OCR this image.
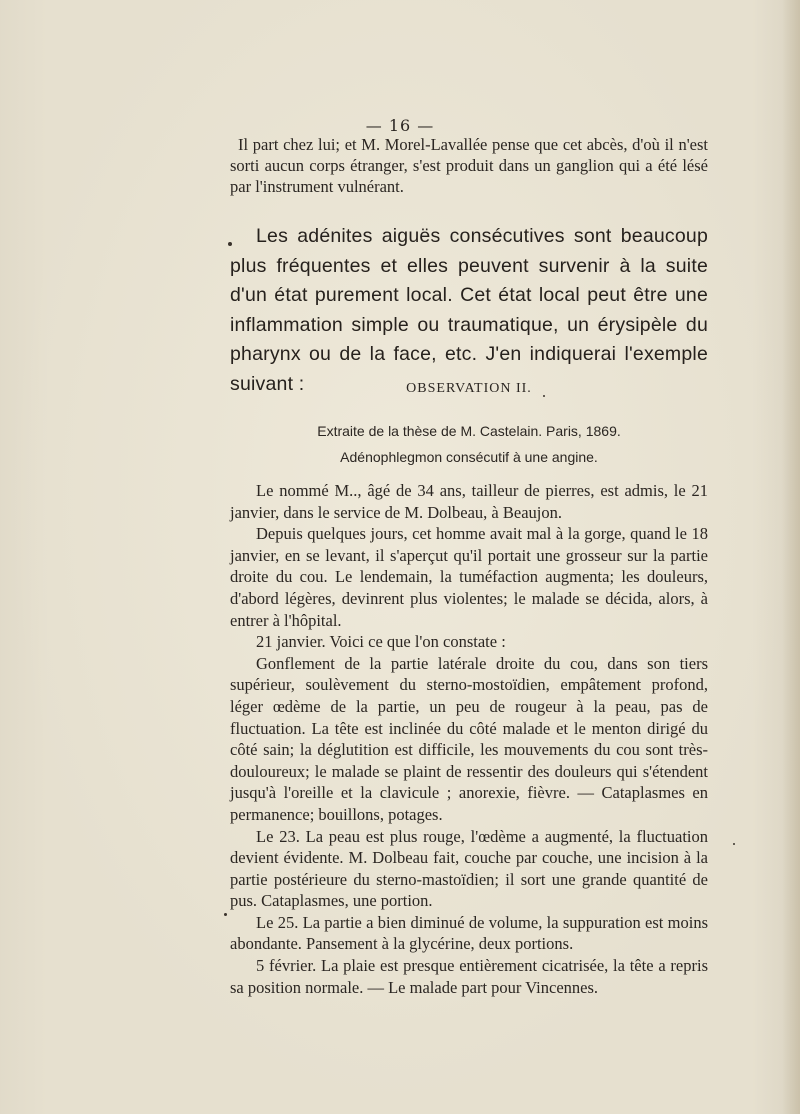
— 16 —

Il part chez lui; et M. Morel-Lavallée pense que cet abcès, d'où il n'est sorti aucun corps étranger, s'est produit dans un ganglion qui a été lésé par l'instrument vulnérant.

Les adénites aiguës consécutives sont beaucoup plus fréquentes et elles peuvent survenir à la suite d'un état purement local. Cet état local peut être une inflammation simple ou traumatique, un érysipèle du pharynx ou de la face, etc. J'en indiquerai l'exemple suivant :	OBSERVATION II.
Extraite de la thèse de M. Castelain. Paris, 1869.
Adénophlegmon consécutif à une angine.

Le nommé M.., âgé de 34 ans, tailleur de pierres, est admis, le 21 janvier, dans le service de M. Dolbeau, à Beaujon.

Depuis quelques jours, cet homme avait mal à la gorge, quand le 18 janvier, en se levant, il s'aperçut qu'il portait une grosseur sur la partie droite du cou. Le lendemain, la tuméfaction augmenta; les douleurs, d'abord légères, devinrent plus violentes; le malade se décida, alors, à entrer à l'hôpital.

21 janvier. Voici ce que l'on constate :

Gonflement de la partie latérale droite du cou, dans son tiers supérieur, soulèvement du sterno-mostoïdien, empâtement profond, léger œdème de la partie, un peu de rougeur à la peau, pas de fluctuation. La tête est inclinée du côté malade et le menton dirigé du côté sain; la déglutition est difficile, les mouvements du cou sont très-douloureux; le malade se plaint de ressentir des douleurs qui s'étendent jusqu'à l'oreille et la clavicule ; anorexie, fièvre. — Cataplasmes en permanence; bouillons, potages.

Le 23. La peau est plus rouge, l'œdème a augmenté, la fluctuation devient évidente. M. Dolbeau fait, couche par couche, une incision à la partie postérieure du sterno-mastoïdien; il sort une grande quantité de pus. Cataplasmes, une portion.

Le 25. La partie a bien diminué de volume, la suppuration est moins abondante. Pansement à la glycérine, deux portions.

5 février. La plaie est presque entièrement cicatrisée, la tête a repris sa position normale. — Le malade part pour Vincennes.
